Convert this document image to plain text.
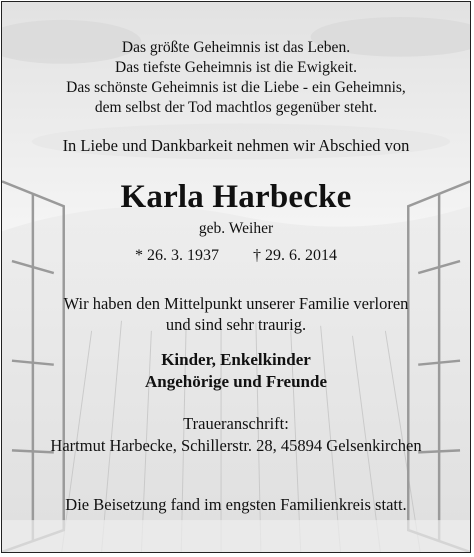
Das größte Geheimnis ist das Leben.
Das tiefste Geheimnis ist die Ewigkeit.
Das schönste Geheimnis ist die Liebe - ein Geheimnis,
dem selbst der Tod machtlos gegenüber steht.
In Liebe und Dankbarkeit nehmen wir Abschied von
Karla Harbecke
geb. Weiher
* 26. 3. 1937 † 29. 6. 2014
Wir haben den Mittelpunkt unserer Familie verloren
und sind sehr traurig.
Kinder, Enkelkinder
Angehörige und Freunde
Traueranschrift:
Hartmut Harbecke, Schillerstr. 28, 45894 Gelsenkirchen
Die Beisetzung fand im engsten Familienkreis statt.
